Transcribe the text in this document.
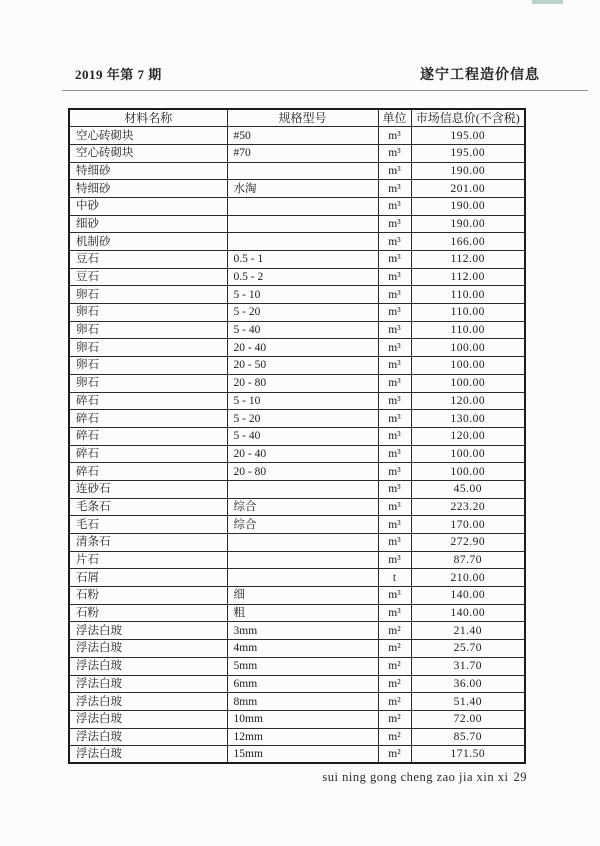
2019 年第 7 期	遂宁工程造价信息
材料名称	规格型号	单位	市场信息价(不含税)
空心砖砌块	#50	m³	195.00
空心砖砌块	#70	m³	195.00
特细砂		m³	190.00
特细砂	水淘	m³	201.00
中砂		m³	190.00
细砂		m³	190.00
机制砂		m³	166.00
豆石	0.5 - 1	m³	112.00
豆石	0.5 - 2	m³	112.00
卵石	5 - 10	m³	110.00
卵石	5 - 20	m³	110.00
卵石	5 - 40	m³	110.00
卵石	20 - 40	m³	100.00
卵石	20 - 50	m³	100.00
卵石	20 - 80	m³	100.00
碎石	5 - 10	m³	120.00
碎石	5 - 20	m³	130.00
碎石	5 - 40	m³	120.00
碎石	20 - 40	m³	100.00
碎石	20 - 80	m³	100.00
连砂石		m³	45.00
毛条石	综合	m³	223.20
毛石	综合	m³	170.00
清条石		m³	272.90
片石		m³	87.70
石屑		t	210.00
石粉	细	m³	140.00
石粉	粗	m³	140.00
浮法白玻	3mm	m²	21.40
浮法白玻	4mm	m²	25.70
浮法白玻	5mm	m²	31.70
浮法白玻	6mm	m²	36.00
浮法白玻	8mm	m²	51.40
浮法白玻	10mm	m²	72.00
浮法白玻	12mm	m²	85.70
浮法白玻	15mm	m²	171.50
sui ning gong cheng zao jia xin xi 29
